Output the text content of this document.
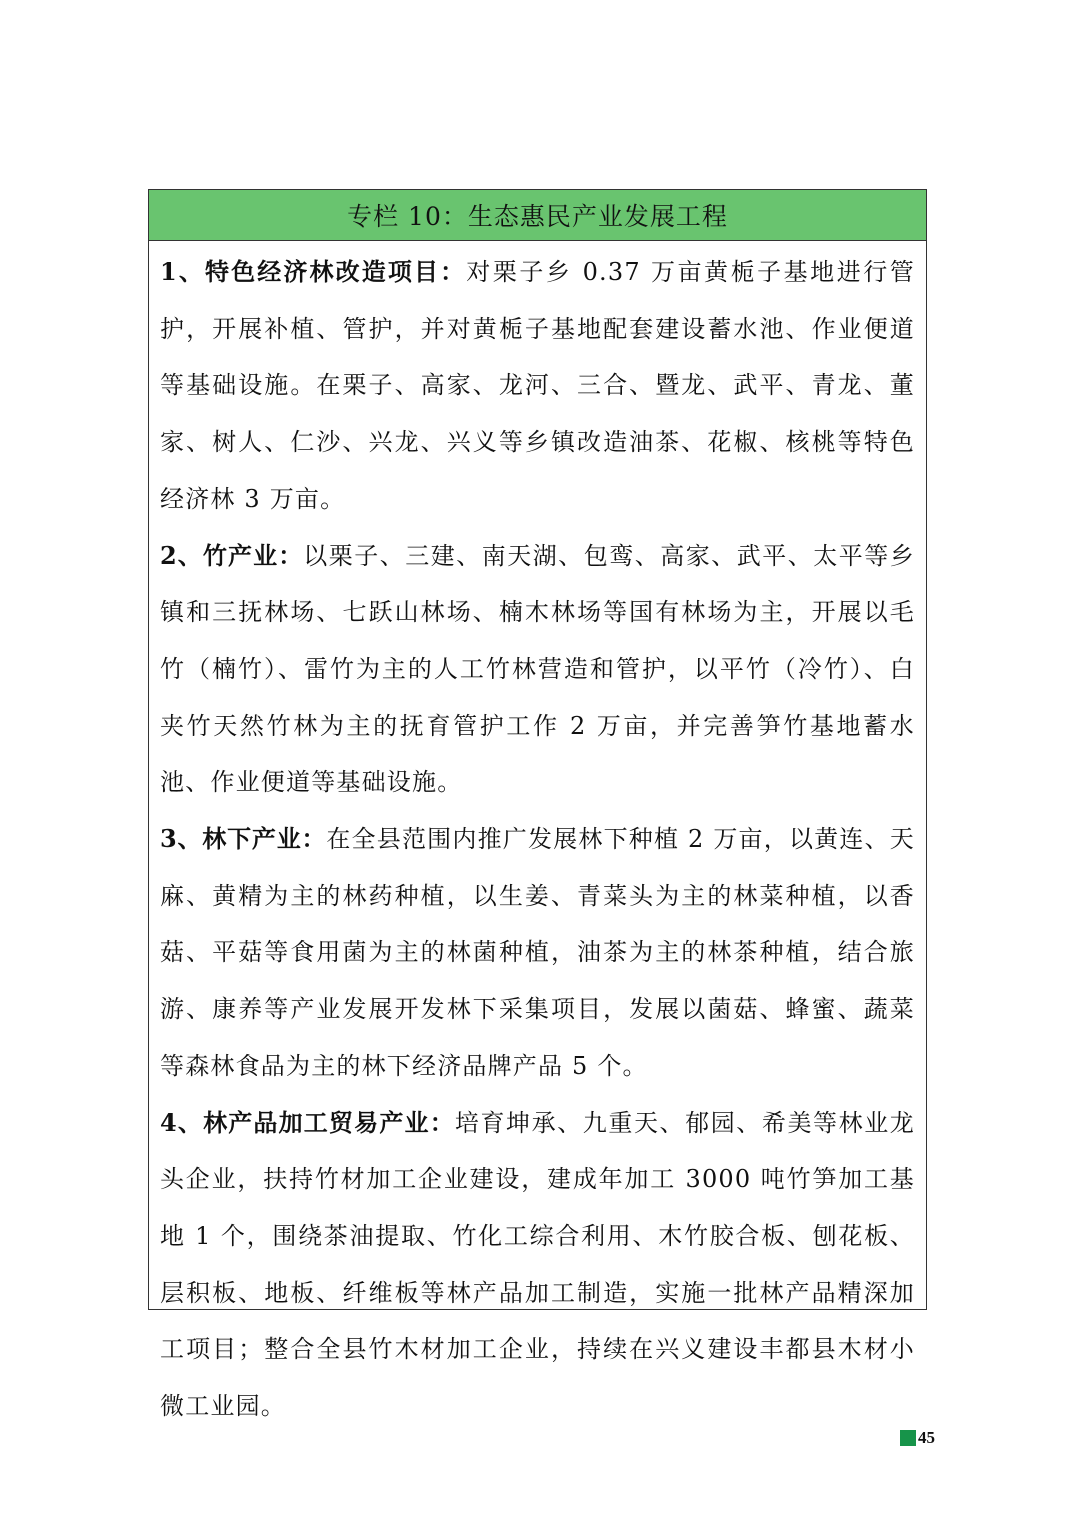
专栏 10：生态惠民产业发展工程

1、特色经济林改造项目：对栗子乡 0.37 万亩黄栀子基地进行管护，开展补植、管护，并对黄栀子基地配套建设蓄水池、作业便道等基础设施。在栗子、高家、龙河、三合、暨龙、武平、青龙、董家、树人、仁沙、兴龙、兴义等乡镇改造油茶、花椒、核桃等特色经济林 3 万亩。

2、竹产业：以栗子、三建、南天湖、包鸾、高家、武平、太平等乡镇和三抚林场、七跃山林场、楠木林场等国有林场为主，开展以毛竹（楠竹）、雷竹为主的人工竹林营造和管护，以平竹（冷竹）、白夹竹天然竹林为主的抚育管护工作 2 万亩，并完善笋竹基地蓄水池、作业便道等基础设施。

3、林下产业：在全县范围内推广发展林下种植 2 万亩，以黄连、天麻、黄精为主的林药种植，以生姜、青菜头为主的林菜种植，以香菇、平菇等食用菌为主的林菌种植，油茶为主的林茶种植，结合旅游、康养等产业发展开发林下采集项目，发展以菌菇、蜂蜜、蔬菜等森林食品为主的林下经济品牌产品 5 个。

4、林产品加工贸易产业：培育坤承、九重天、郁园、希美等林业龙头企业，扶持竹材加工企业建设，建成年加工 3000 吨竹笋加工基地 1 个，围绕茶油提取、竹化工综合利用、木竹胶合板、刨花板、层积板、地板、纤维板等林产品加工制造，实施一批林产品精深加工项目；整合全县竹木材加工企业，持续在兴义建设丰都县木材小微工业园。

45
